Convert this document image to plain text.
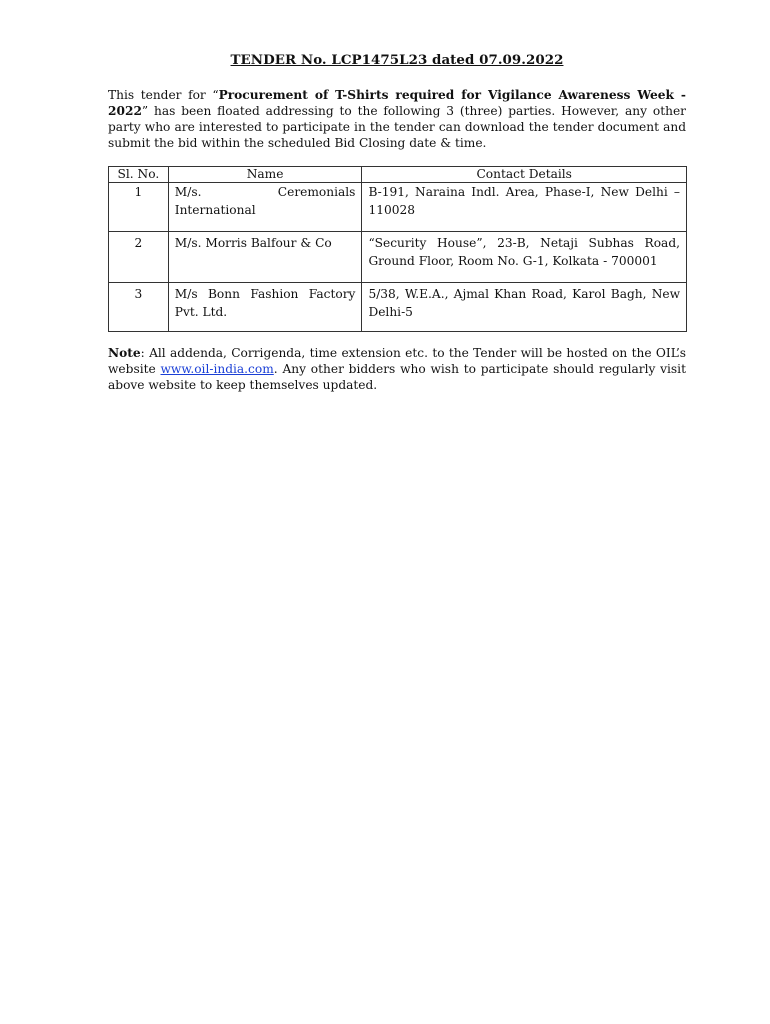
TENDER No. LCP1475L23 dated 07.09.2022
This tender for “Procurement of T-Shirts required for Vigilance Awareness Week - 2022” has been floated addressing to the following 3 (three) parties. However, any other party who are interested to participate in the tender can download the tender document and submit the bid within the scheduled Bid Closing date & time.
Sl. No.	Name	Contact Details
1	M/s. Ceremonials International	B-191, Naraina Indl. Area, Phase-I, New Delhi – 110028
2	M/s. Morris Balfour & Co	“Security House”, 23-B, Netaji Subhas Road, Ground Floor, Room No. G-1, Kolkata - 700001
3	M/s Bonn Fashion Factory Pvt. Ltd.	5/38, W.E.A., Ajmal Khan Road, Karol Bagh, New Delhi-5
Note: All addenda, Corrigenda, time extension etc. to the Tender will be hosted on the OIL’s website www.oil-india.com. Any other bidders who wish to participate should regularly visit above website to keep themselves updated.
